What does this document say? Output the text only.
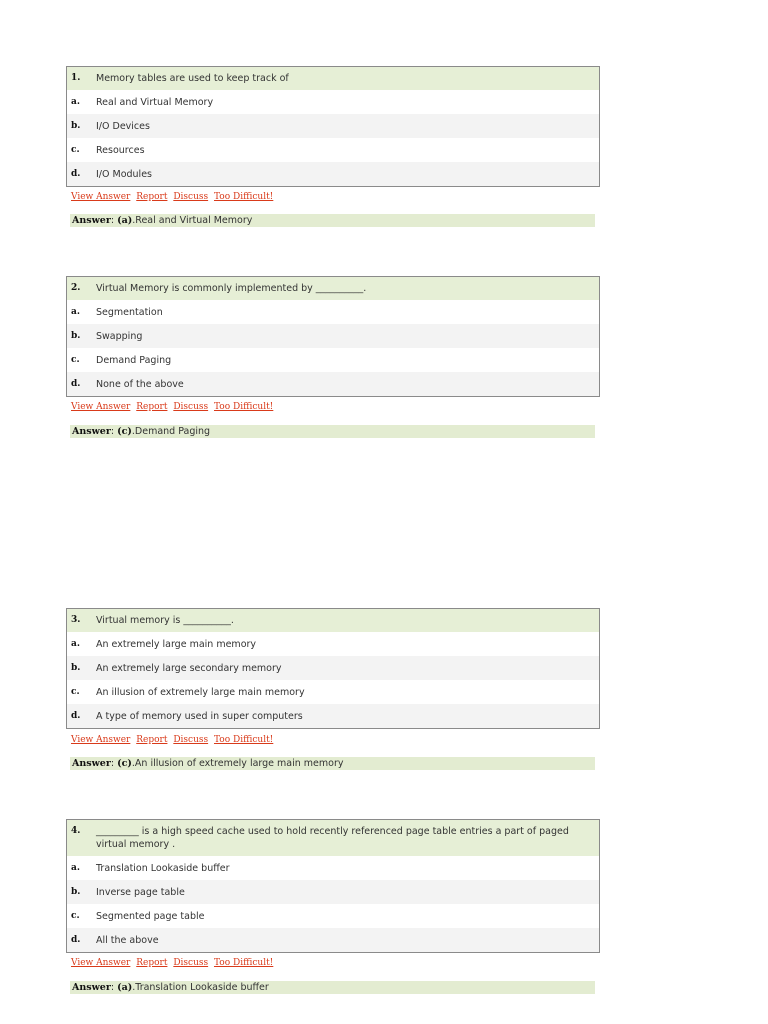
1.	Memory tables are used to keep track of
a.	Real and Virtual Memory
b.	I/O Devices
c.	Resources
d.	I/O Modules
View Answer Report Discuss Too Difficult!
Answer: (a).Real and Virtual Memory
2.	Virtual Memory is commonly implemented by __________.
a.	Segmentation
b.	Swapping
c.	Demand Paging
d.	None of the above
View Answer Report Discuss Too Difficult!
Answer: (c).Demand Paging
3.	Virtual memory is __________.
a.	An extremely large main memory
b.	An extremely large secondary memory
c.	An illusion of extremely large main memory
d.	A type of memory used in super computers
View Answer Report Discuss Too Difficult!
Answer: (c).An illusion of extremely large main memory
4.	_________ is a high speed cache used to hold recently referenced page table entries a part of paged virtual memory .
a.	Translation Lookaside buffer
b.	Inverse page table
c.	Segmented page table
d.	All the above
View Answer Report Discuss Too Difficult!
Answer: (a).Translation Lookaside buffer
